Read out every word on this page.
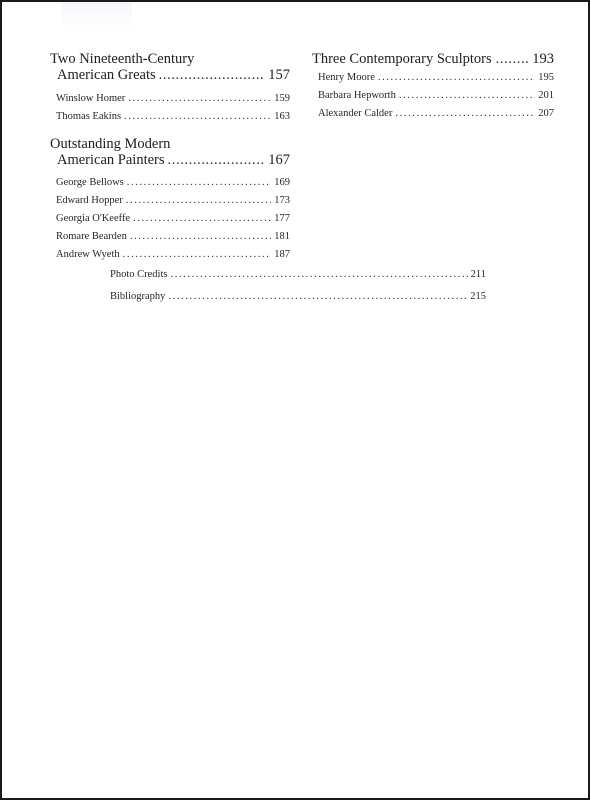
Two Nineteenth-Century
American Greats .....	157
Winslow Homer .....	159
Thomas Eakins .....	163
Outstanding Modern
American Painters .....	167
George Bellows .....	169
Edward Hopper .....	173
Georgia O'Keeffe .....	177
Romare Bearden .....	181
Andrew Wyeth .....	187
Three Contemporary Sculptors .....	193
Henry Moore .....	195
Barbara Hepworth .....	201
Alexander Calder .....	207
Photo Credits .....	211
Bibliography .....	215
